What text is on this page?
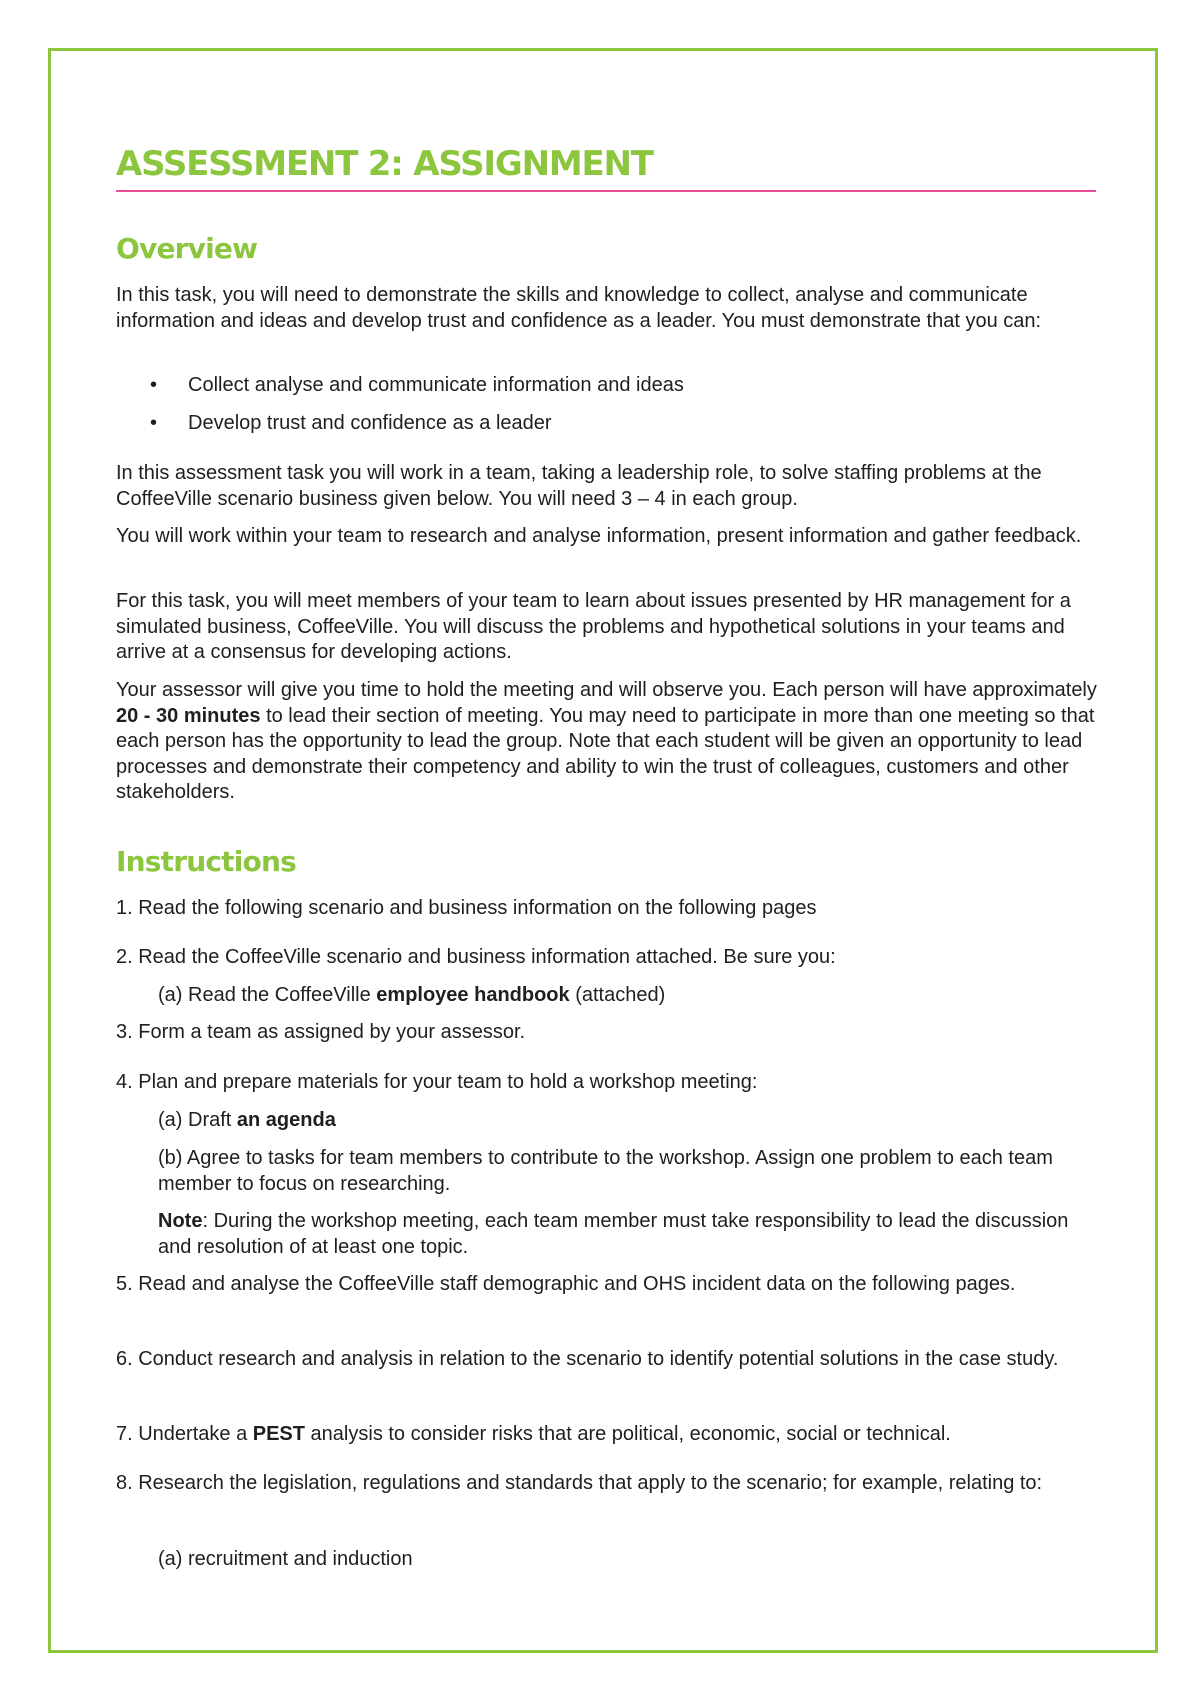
ASSESSMENT 2: ASSIGNMENT
Overview

In this task, you will need to demonstrate the skills and knowledge to collect, analyse and communicate information and ideas and develop trust and confidence as a leader. You must demonstrate that you can:

• Collect analyse and communicate information and ideas
• Develop trust and confidence as a leader

In this assessment task you will work in a team, taking a leadership role, to solve staffing problems at the CoffeeVille scenario business given below. You will need 3 – 4 in each group.

You will work within your team to research and analyse information, present information and gather feedback.

For this task, you will meet members of your team to learn about issues presented by HR management for a simulated business, CoffeeVille. You will discuss the problems and hypothetical solutions in your teams and arrive at a consensus for developing actions.

Your assessor will give you time to hold the meeting and will observe you. Each person will have approximately 20 - 30 minutes to lead their section of meeting. You may need to participate in more than one meeting so that each person has the opportunity to lead the group. Note that each student will be given an opportunity to lead processes and demonstrate their competency and ability to win the trust of colleagues, customers and other stakeholders.

Instructions

1. Read the following scenario and business information on the following pages

2. Read the CoffeeVille scenario and business information attached. Be sure you:

(a) Read the CoffeeVille employee handbook (attached)

3. Form a team as assigned by your assessor.

4. Plan and prepare materials for your team to hold a workshop meeting:

(a) Draft an agenda

(b) Agree to tasks for team members to contribute to the workshop. Assign one problem to each team member to focus on researching.

Note: During the workshop meeting, each team member must take responsibility to lead the discussion and resolution of at least one topic.

5. Read and analyse the CoffeeVille staff demographic and OHS incident data on the following pages.

6. Conduct research and analysis in relation to the scenario to identify potential solutions in the case study.

7. Undertake a PEST analysis to consider risks that are political, economic, social or technical.

8. Research the legislation, regulations and standards that apply to the scenario; for example, relating to:

(a) recruitment and induction
